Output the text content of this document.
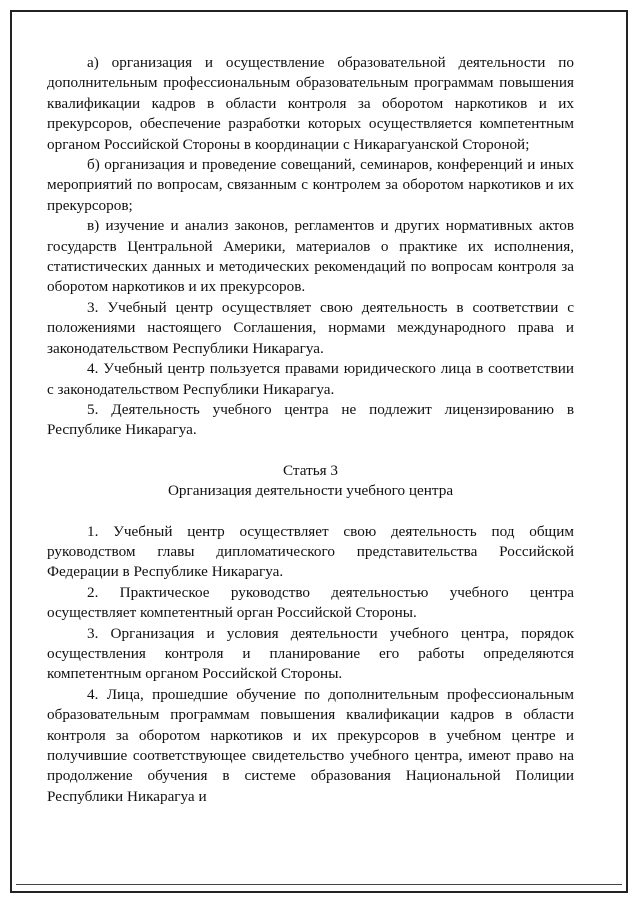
а) организация и осуществление образовательной деятельности по дополнительным профессиональным образовательным программам повышения квалификации кадров в области контроля за оборотом наркотиков и их прекурсоров, обеспечение разработки которых осуществляется компетентным органом Российской Стороны в координации с Никарагуанской Стороной;

б) организация и проведение совещаний, семинаров, конференций и иных мероприятий по вопросам, связанным с контролем за оборотом наркотиков и их прекурсоров;

в) изучение и анализ законов, регламентов и других нормативных актов государств Центральной Америки, материалов о практике их исполнения, статистических данных и методических рекомендаций по вопросам контроля за оборотом наркотиков и их прекурсоров.

3. Учебный центр осуществляет свою деятельность в соответствии с положениями настоящего Соглашения, нормами международного права и законодательством Республики Никарагуа.

4. Учебный центр пользуется правами юридического лица в соответствии с законодательством Республики Никарагуа.

5. Деятельность учебного центра не подлежит лицензированию в Республике Никарагуа.

Статья 3

Организация деятельности учебного центра

1. Учебный центр осуществляет свою деятельность под общим руководством главы дипломатического представительства Российской Федерации в Республике Никарагуа.

2. Практическое руководство деятельностью учебного центра осуществляет компетентный орган Российской Стороны.

3. Организация и условия деятельности учебного центра, порядок осуществления контроля и планирование его работы определяются компетентным органом Российской Стороны.

4. Лица, прошедшие обучение по дополнительным профессиональным образовательным программам повышения квалификации кадров в области контроля за оборотом наркотиков и их прекурсоров в учебном центре и получившие соответствующее свидетельство учебного центра, имеют право на продолжение обучения в системе образования Национальной Полиции Республики Никарагуа и
